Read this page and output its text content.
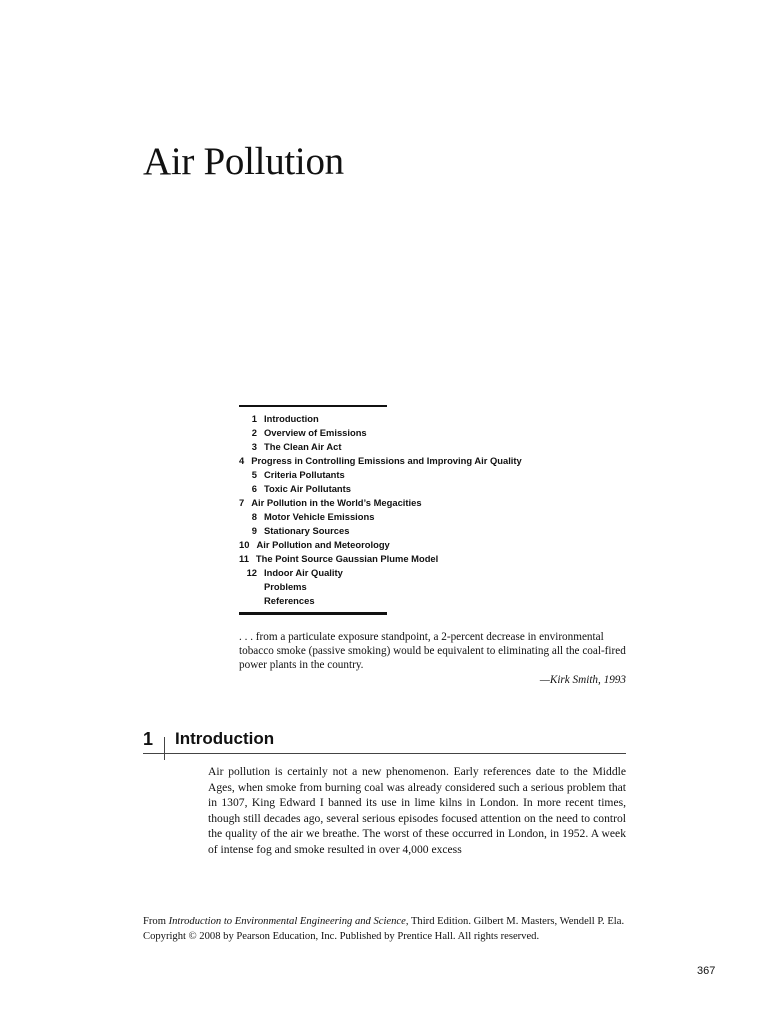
Air Pollution
1 Introduction
2 Overview of Emissions
3 The Clean Air Act
4 Progress in Controlling Emissions and Improving Air Quality
5 Criteria Pollutants
6 Toxic Air Pollutants
7 Air Pollution in the World’s Megacities
8 Motor Vehicle Emissions
9 Stationary Sources
10 Air Pollution and Meteorology
11 The Point Source Gaussian Plume Model
12 Indoor Air Quality
Problems
References

. . . from a particulate exposure standpoint, a 2-percent decrease in environmental tobacco smoke (passive smoking) would be equivalent to eliminating all the coal-fired power plants in the country.
—Kirk Smith, 1993

1 Introduction

Air pollution is certainly not a new phenomenon. Early references date to the Middle Ages, when smoke from burning coal was already considered such a serious problem that in 1307, King Edward I banned its use in lime kilns in London. In more recent times, though still decades ago, several serious episodes focused attention on the need to control the quality of the air we breathe. The worst of these occurred in London, in 1952. A week of intense fog and smoke resulted in over 4,000 excess

From Introduction to Environmental Engineering and Science, Third Edition. Gilbert M. Masters, Wendell P. Ela. Copyright © 2008 by Pearson Education, Inc. Published by Prentice Hall. All rights reserved.

367
